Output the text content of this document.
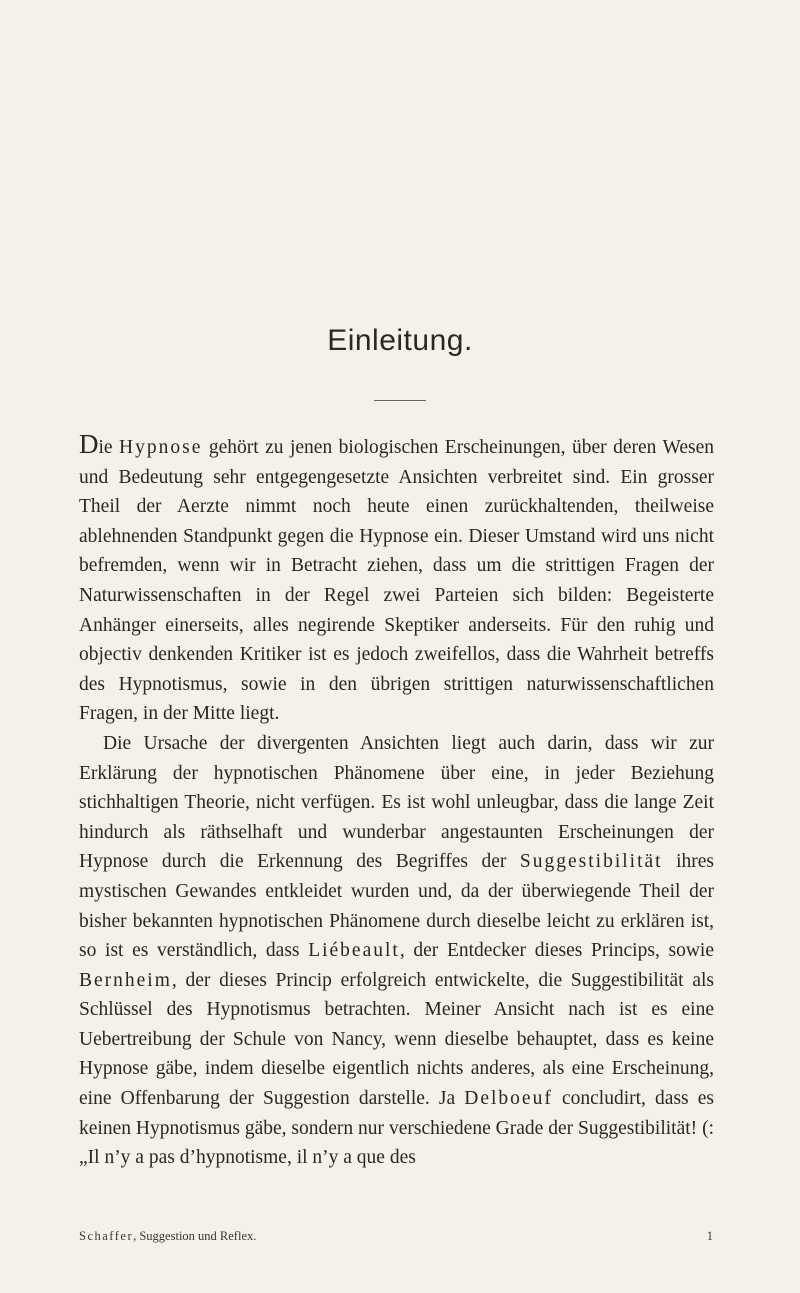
Einleitung.

Die Hypnose gehört zu jenen biologischen Erscheinungen, über deren Wesen und Bedeutung sehr entgegengesetzte Ansichten verbreitet sind. Ein grosser Theil der Aerzte nimmt noch heute einen zurückhaltenden, theilweise ablehnenden Standpunkt gegen die Hypnose ein. Dieser Umstand wird uns nicht befremden, wenn wir in Betracht ziehen, dass um die strittigen Fragen der Naturwissenschaften in der Regel zwei Parteien sich bilden: Begeisterte Anhänger einerseits, alles negirende Skeptiker anderseits. Für den ruhig und objectiv denkenden Kritiker ist es jedoch zweifellos, dass die Wahrheit betreffs des Hypnotismus, sowie in den übrigen strittigen naturwissenschaftlichen Fragen, in der Mitte liegt.

Die Ursache der divergenten Ansichten liegt auch darin, dass wir zur Erklärung der hypnotischen Phänomene über eine, in jeder Beziehung stichhaltigen Theorie, nicht verfügen. Es ist wohl unleugbar, dass die lange Zeit hindurch als räthselhaft und wunderbar angestaunten Erscheinungen der Hypnose durch die Erkennung des Begriffes der Suggestibilität ihres mystischen Gewandes entkleidet wurden und, da der überwiegende Theil der bisher bekannten hypnotischen Phänomene durch dieselbe leicht zu erklären ist, so ist es verständlich, dass Liébeault, der Entdecker dieses Princips, sowie Bernheim, der dieses Princip erfolgreich entwickelte, die Suggestibilität als Schlüssel des Hypnotismus betrachten. Meiner Ansicht nach ist es eine Uebertreibung der Schule von Nancy, wenn dieselbe behauptet, dass es keine Hypnose gäbe, indem dieselbe eigentlich nichts anderes, als eine Erscheinung, eine Offenbarung der Suggestion darstelle. Ja Delboeuf concludirt, dass es keinen Hypnotismus gäbe, sondern nur verschiedene Grade der Suggestibilität! (: „Il n’y a pas d’hypnotisme, il n’y a que des

Schaffer, Suggestion und Reflex.	1
